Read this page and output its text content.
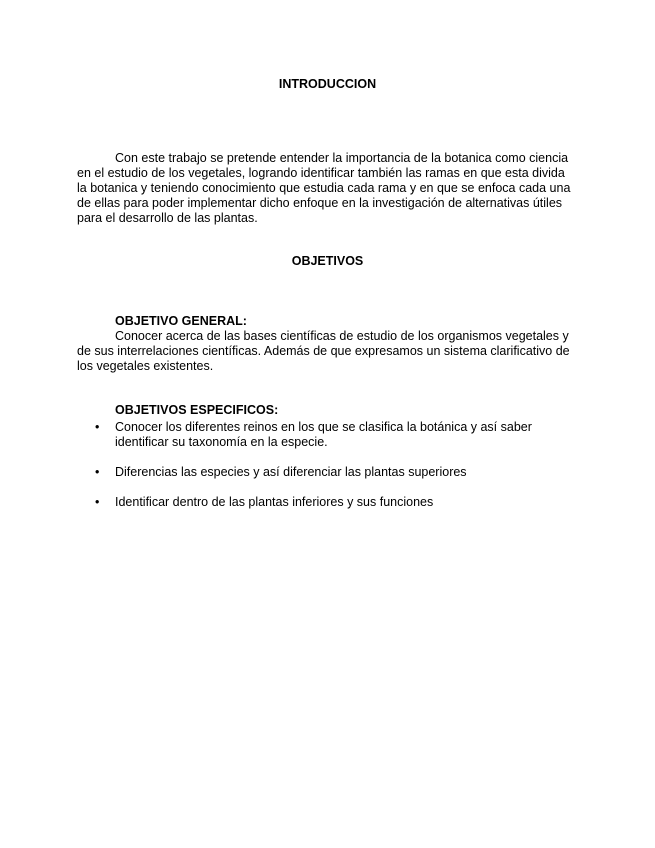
INTRODUCCION
Con este trabajo se pretende entender la importancia de la botanica como ciencia en el estudio de los vegetales, logrando identificar también las ramas en que esta divida la botanica y teniendo conocimiento que estudia cada rama y en que se enfoca cada una de ellas para poder implementar dicho enfoque en la investigación de alternativas útiles para el desarrollo de las plantas.
OBJETIVOS
OBJETIVO GENERAL:
Conocer acerca de las bases científicas de estudio de los organismos vegetales y de sus interrelaciones científicas. Además de que expresamos un sistema clarificativo de los vegetales existentes.
OBJETIVOS ESPECIFICOS:
•	Conocer los diferentes reinos en los que se clasifica la botánica y así saber identificar su taxonomía en la especie.
•	Diferencias las especies y así diferenciar las plantas superiores
•	Identificar dentro de las plantas inferiores y sus funciones
